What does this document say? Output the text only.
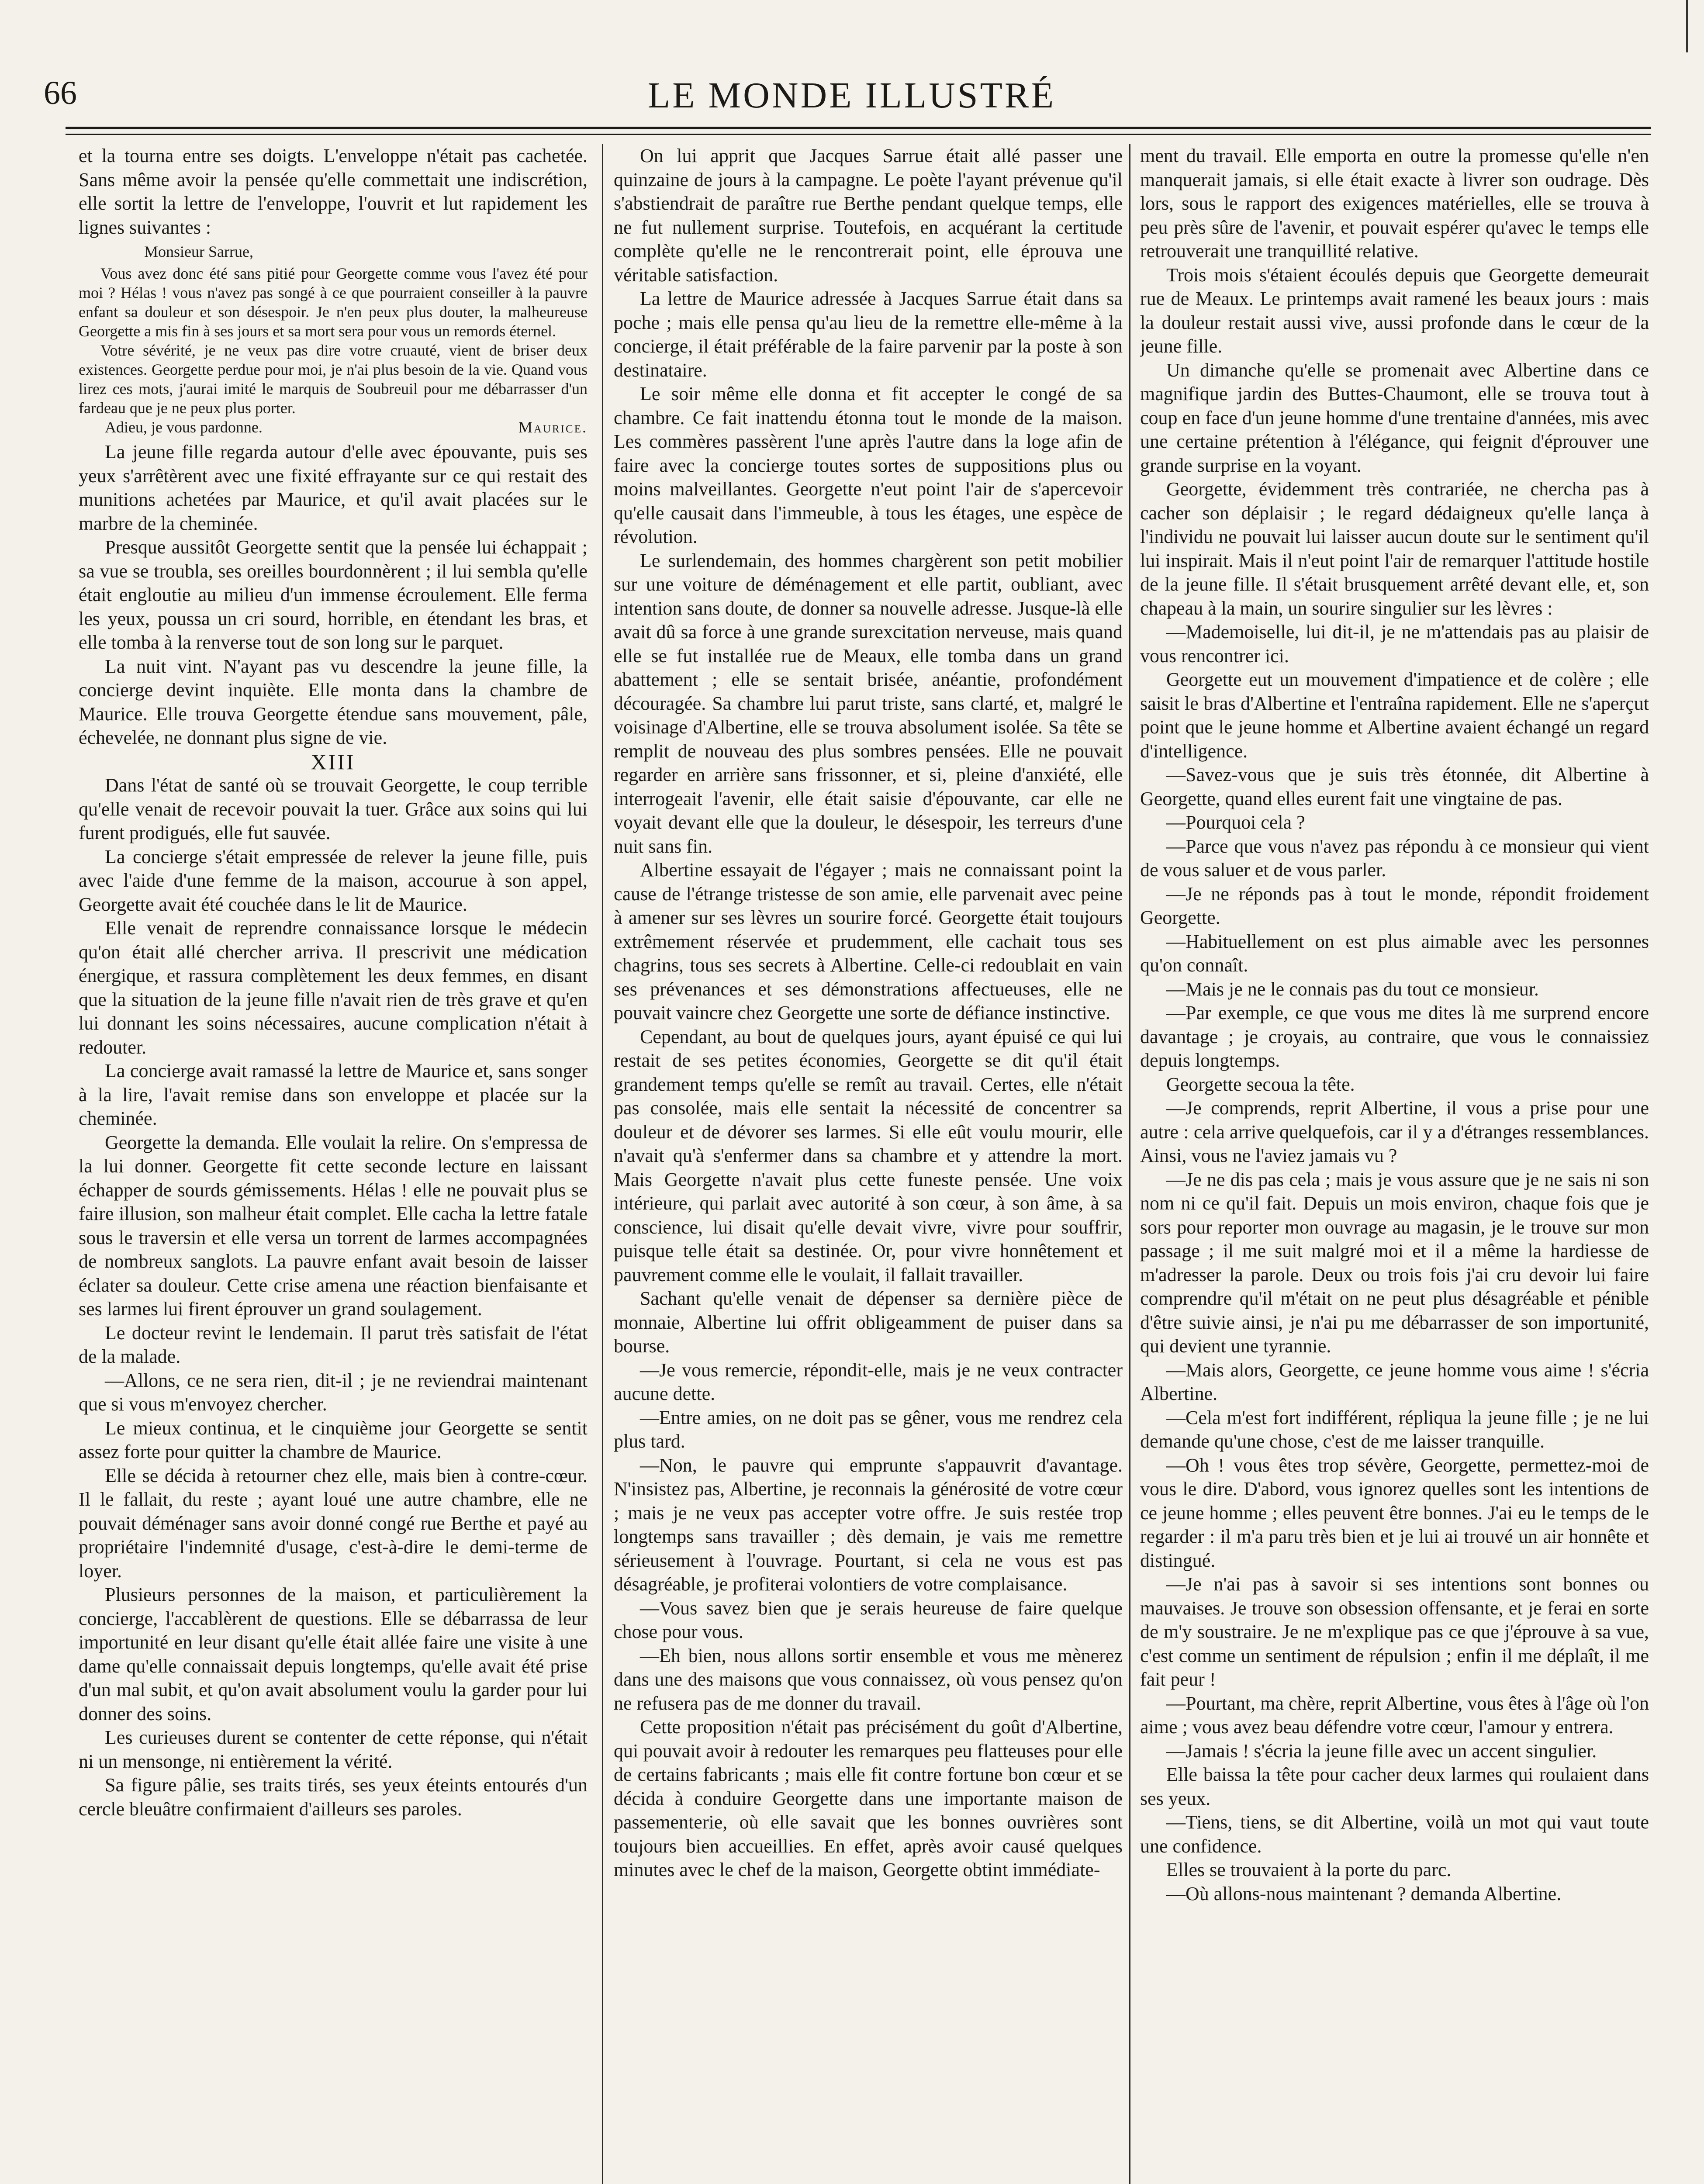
66	LE MONDE ILLUSTRÉ

et la tourna entre ses doigts. L'enveloppe n'était pas cachetée. Sans même avoir la pensée qu'elle commettait une indiscrétion, elle sortit la lettre de l'enveloppe, l'ouvrit et lut rapidement les lignes suivantes :

Monsieur Sarrue,

Vous avez donc été sans pitié pour Georgette comme vous l'avez été pour moi ? Hélas ! vous n'avez pas songé à ce que pourraient conseiller à la pauvre enfant sa douleur et son désespoir. Je n'en peux plus douter, la malheureuse Georgette a mis fin à ses jours et sa mort sera pour vous un remords éternel.

Votre sévérité, je ne veux pas dire votre cruauté, vient de briser deux existences. Georgette perdue pour moi, je n'ai plus besoin de la vie. Quand vous lirez ces mots, j'aurai imité le marquis de Soubreuil pour me débarrasser d'un fardeau que je ne peux plus porter.

Adieu, je vous pardonne.	Maurice.

La jeune fille regarda autour d'elle avec épouvante, puis ses yeux s'arrêtèrent avec une fixité effrayante sur ce qui restait des munitions achetées par Maurice, et qu'il avait placées sur le marbre de la cheminée.

Presque aussitôt Georgette sentit que la pensée lui échappait ; sa vue se troubla, ses oreilles bourdonnèrent ; il lui sembla qu'elle était engloutie au milieu d'un immense écroulement. Elle ferma les yeux, poussa un cri sourd, horrible, en étendant les bras, et elle tomba à la renverse tout de son long sur le parquet.

La nuit vint. N'ayant pas vu descendre la jeune fille, la concierge devint inquiète. Elle monta dans la chambre de Maurice. Elle trouva Georgette étendue sans mouvement, pâle, échevelée, ne donnant plus signe de vie.

XIII

Dans l'état de santé où se trouvait Georgette, le coup terrible qu'elle venait de recevoir pouvait la tuer. Grâce aux soins qui lui furent prodigués, elle fut sauvée.

La concierge s'était empressée de relever la jeune fille, puis avec l'aide d'une femme de la maison, accourue à son appel, Georgette avait été couchée dans le lit de Maurice.

Elle venait de reprendre connaissance lorsque le médecin qu'on était allé chercher arriva. Il prescrivit une médication énergique, et rassura complètement les deux femmes, en disant que la situation de la jeune fille n'avait rien de très grave et qu'en lui donnant les soins nécessaires, aucune complication n'était à redouter.

La concierge avait ramassé la lettre de Maurice et, sans songer à la lire, l'avait remise dans son enveloppe et placée sur la cheminée.

Georgette la demanda. Elle voulait la relire. On s'empressa de la lui donner. Georgette fit cette seconde lecture en laissant échapper de sourds gémissements. Hélas ! elle ne pouvait plus se faire illusion, son malheur était complet. Elle cacha la lettre fatale sous le traversin et elle versa un torrent de larmes accompagnées de nombreux sanglots. La pauvre enfant avait besoin de laisser éclater sa douleur. Cette crise amena une réaction bienfaisante et ses larmes lui firent éprouver un grand soulagement.

Le docteur revint le lendemain. Il parut très satisfait de l'état de la malade.

—Allons, ce ne sera rien, dit-il ; je ne reviendrai maintenant que si vous m'envoyez chercher.

Le mieux continua, et le cinquième jour Georgette se sentit assez forte pour quitter la chambre de Maurice.

Elle se décida à retourner chez elle, mais bien à contre-cœur. Il le fallait, du reste ; ayant loué une autre chambre, elle ne pouvait déménager sans avoir donné congé rue Berthe et payé au propriétaire l'indemnité d'usage, c'est-à-dire le demi-terme de loyer.

Plusieurs personnes de la maison, et particulièrement la concierge, l'accablèrent de questions. Elle se débarrassa de leur importunité en leur disant qu'elle était allée faire une visite à une dame qu'elle connaissait depuis longtemps, qu'elle avait été prise d'un mal subit, et qu'on avait absolument voulu la garder pour lui donner des soins.

Les curieuses durent se contenter de cette réponse, qui n'était ni un mensonge, ni entièrement la vérité.

Sa figure pâlie, ses traits tirés, ses yeux éteints entourés d'un cercle bleuâtre confirmaient d'ailleurs ses paroles.

On lui apprit que Jacques Sarrue était allé passer une quinzaine de jours à la campagne. Le poète l'ayant prévenue qu'il s'abstiendrait de paraître rue Berthe pendant quelque temps, elle ne fut nullement surprise. Toutefois, en acquérant la certitude complète qu'elle ne le rencontrerait point, elle éprouva une véritable satisfaction.

La lettre de Maurice adressée à Jacques Sarrue était dans sa poche ; mais elle pensa qu'au lieu de la remettre elle-même à la concierge, il était préférable de la faire parvenir par la poste à son destinataire.

Le soir même elle donna et fit accepter le congé de sa chambre. Ce fait inattendu étonna tout le monde de la maison. Les commères passèrent l'une après l'autre dans la loge afin de faire avec la concierge toutes sortes de suppositions plus ou moins malveillantes. Georgette n'eut point l'air de s'apercevoir qu'elle causait dans l'immeuble, à tous les étages, une espèce de révolution.

Le surlendemain, des hommes chargèrent son petit mobilier sur une voiture de déménagement et elle partit, oubliant, avec intention sans doute, de donner sa nouvelle adresse. Jusque-là elle avait dû sa force à une grande surexcitation nerveuse, mais quand elle se fut installée rue de Meaux, elle tomba dans un grand abattement ; elle se sentait brisée, anéantie, profondément découragée. Sa chambre lui parut triste, sans clarté, et, malgré le voisinage d'Albertine, elle se trouva absolument isolée. Sa tête se remplit de nouveau des plus sombres pensées. Elle ne pouvait regarder en arrière sans frissonner, et si, pleine d'anxiété, elle interrogeait l'avenir, elle était saisie d'épouvante, car elle ne voyait devant elle que la douleur, le désespoir, les terreurs d'une nuit sans fin.

Albertine essayait de l'égayer ; mais ne connaissant point la cause de l'étrange tristesse de son amie, elle parvenait avec peine à amener sur ses lèvres un sourire forcé. Georgette était toujours extrêmement réservée et prudemment, elle cachait tous ses chagrins, tous ses secrets à Albertine. Celle-ci redoublait en vain ses prévenances et ses démonstrations affectueuses, elle ne pouvait vaincre chez Georgette une sorte de défiance instinctive.

Cependant, au bout de quelques jours, ayant épuisé ce qui lui restait de ses petites économies, Georgette se dit qu'il était grandement temps qu'elle se remît au travail. Certes, elle n'était pas consolée, mais elle sentait la nécessité de concentrer sa douleur et de dévorer ses larmes. Si elle eût voulu mourir, elle n'avait qu'à s'enfermer dans sa chambre et y attendre la mort. Mais Georgette n'avait plus cette funeste pensée. Une voix intérieure, qui parlait avec autorité à son cœur, à son âme, à sa conscience, lui disait qu'elle devait vivre, vivre pour souffrir, puisque telle était sa destinée. Or, pour vivre honnêtement et pauvrement comme elle le voulait, il fallait travailler.

Sachant qu'elle venait de dépenser sa dernière pièce de monnaie, Albertine lui offrit obligeamment de puiser dans sa bourse.

—Je vous remercie, répondit-elle, mais je ne veux contracter aucune dette.

—Entre amies, on ne doit pas se gêner, vous me rendrez cela plus tard.

—Non, le pauvre qui emprunte s'appauvrit d'avantage. N'insistez pas, Albertine, je reconnais la générosité de votre cœur ; mais je ne veux pas accepter votre offre. Je suis restée trop longtemps sans travailler ; dès demain, je vais me remettre sérieusement à l'ouvrage. Pourtant, si cela ne vous est pas désagréable, je profiterai volontiers de votre complaisance.

—Vous savez bien que je serais heureuse de faire quelque chose pour vous.

—Eh bien, nous allons sortir ensemble et vous me mènerez dans une des maisons que vous connaissez, où vous pensez qu'on ne refusera pas de me donner du travail.

Cette proposition n'était pas précisément du goût d'Albertine, qui pouvait avoir à redouter les remarques peu flatteuses pour elle de certains fabricants ; mais elle fit contre fortune bon cœur et se décida à conduire Georgette dans une importante maison de passementerie, où elle savait que les bonnes ouvrières sont toujours bien accueillies. En effet, après avoir causé quelques minutes avec le chef de la maison, Georgette obtint immédiate-

ment du travail. Elle emporta en outre la promesse qu'elle n'en manquerait jamais, si elle était exacte à livrer son oudrage. Dès lors, sous le rapport des exigences matérielles, elle se trouva à peu près sûre de l'avenir, et pouvait espérer qu'avec le temps elle retrouverait une tranquillité relative.

Trois mois s'étaient écoulés depuis que Georgette demeurait rue de Meaux. Le printemps avait ramené les beaux jours : mais la douleur restait aussi vive, aussi profonde dans le cœur de la jeune fille.

Un dimanche qu'elle se promenait avec Albertine dans ce magnifique jardin des Buttes-Chaumont, elle se trouva tout à coup en face d'un jeune homme d'une trentaine d'années, mis avec une certaine prétention à l'élégance, qui feignit d'éprouver une grande surprise en la voyant.

Georgette, évidemment très contrariée, ne chercha pas à cacher son déplaisir ; le regard dédaigneux qu'elle lança à l'individu ne pouvait lui laisser aucun doute sur le sentiment qu'il lui inspirait. Mais il n'eut point l'air de remarquer l'attitude hostile de la jeune fille. Il s'était brusquement arrêté devant elle, et, son chapeau à la main, un sourire singulier sur les lèvres :

—Mademoiselle, lui dit-il, je ne m'attendais pas au plaisir de vous rencontrer ici.

Georgette eut un mouvement d'impatience et de colère ; elle saisit le bras d'Albertine et l'entraîna rapidement. Elle ne s'aperçut point que le jeune homme et Albertine avaient échangé un regard d'intelligence.

—Savez-vous que je suis très étonnée, dit Albertine à Georgette, quand elles eurent fait une vingtaine de pas.

—Pourquoi cela ?

—Parce que vous n'avez pas répondu à ce monsieur qui vient de vous saluer et de vous parler.

—Je ne réponds pas à tout le monde, répondit froidement Georgette.

—Habituellement on est plus aimable avec les personnes qu'on connaît.

—Mais je ne le connais pas du tout ce monsieur.

—Par exemple, ce que vous me dites là me surprend encore davantage ; je croyais, au contraire, que vous le connaissiez depuis longtemps.

Georgette secoua la tête.

—Je comprends, reprit Albertine, il vous a prise pour une autre : cela arrive quelquefois, car il y a d'étranges ressemblances. Ainsi, vous ne l'aviez jamais vu ?

—Je ne dis pas cela ; mais je vous assure que je ne sais ni son nom ni ce qu'il fait. Depuis un mois environ, chaque fois que je sors pour reporter mon ouvrage au magasin, je le trouve sur mon passage ; il me suit malgré moi et il a même la hardiesse de m'adresser la parole. Deux ou trois fois j'ai cru devoir lui faire comprendre qu'il m'était on ne peut plus désagréable et pénible d'être suivie ainsi, je n'ai pu me débarrasser de son importunité, qui devient une tyrannie.

—Mais alors, Georgette, ce jeune homme vous aime ! s'écria Albertine.

—Cela m'est fort indifférent, répliqua la jeune fille ; je ne lui demande qu'une chose, c'est de me laisser tranquille.

—Oh ! vous êtes trop sévère, Georgette, permettez-moi de vous le dire. D'abord, vous ignorez quelles sont les intentions de ce jeune homme ; elles peuvent être bonnes. J'ai eu le temps de le regarder : il m'a paru très bien et je lui ai trouvé un air honnête et distingué.

—Je n'ai pas à savoir si ses intentions sont bonnes ou mauvaises. Je trouve son obsession offensante, et je ferai en sorte de m'y soustraire. Je ne m'explique pas ce que j'éprouve à sa vue, c'est comme un sentiment de répulsion ; enfin il me déplaît, il me fait peur !

—Pourtant, ma chère, reprit Albertine, vous êtes à l'âge où l'on aime ; vous avez beau défendre votre cœur, l'amour y entrera.

—Jamais ! s'écria la jeune fille avec un accent singulier.

Elle baissa la tête pour cacher deux larmes qui roulaient dans ses yeux.

—Tiens, tiens, se dit Albertine, voilà un mot qui vaut toute une confidence.

Elles se trouvaient à la porte du parc.

—Où allons-nous maintenant ? demanda Albertine.
